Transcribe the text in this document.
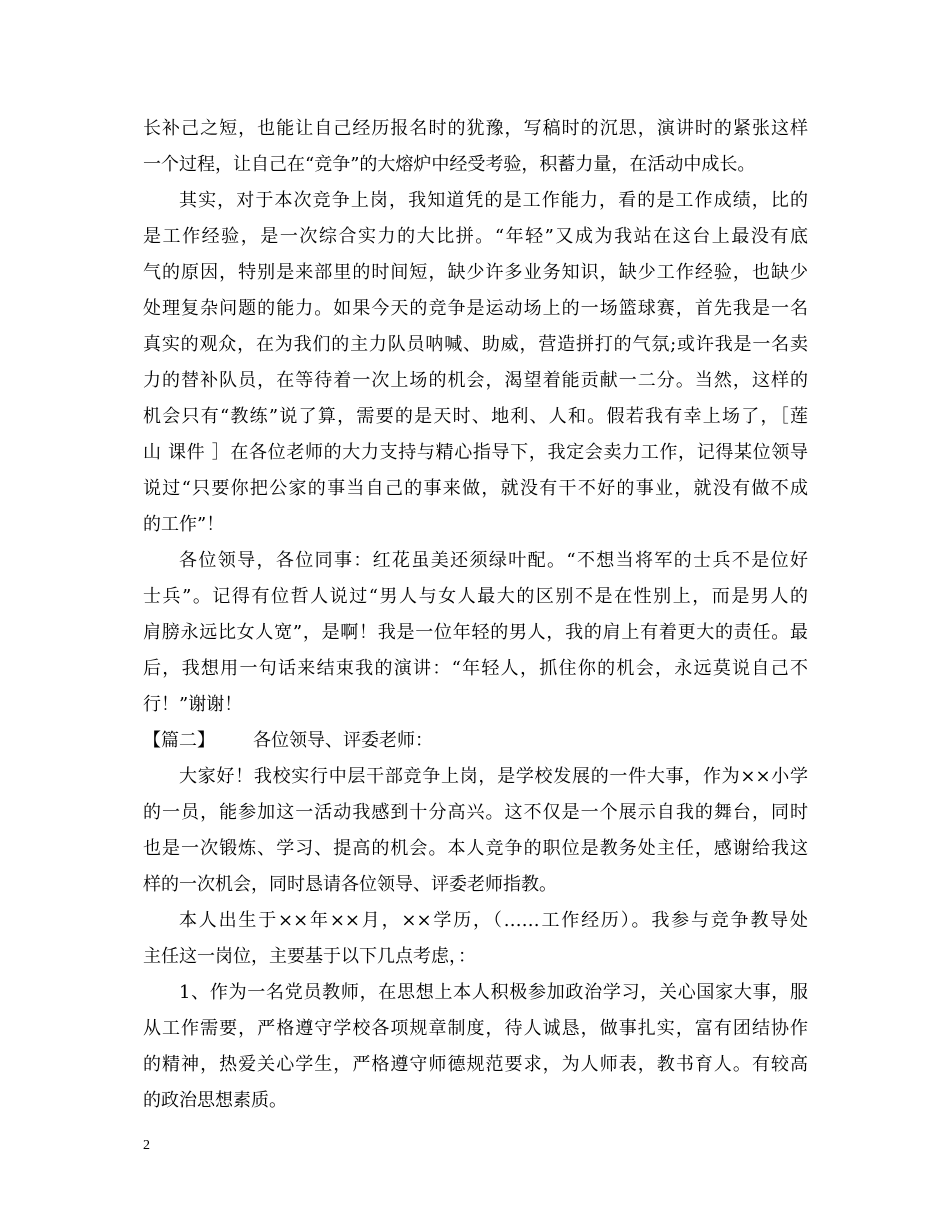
长补己之短，也能让自己经历报名时的犹豫，写稿时的沉思，演讲时的紧张这样
一个过程，让自己在“竞争”的大熔炉中经受考验，积蓄力量，在活动中成长。
其实，对于本次竞争上岗，我知道凭的是工作能力，看的是工作成绩，比的
是工作经验，是一次综合实力的大比拼。“年轻”又成为我站在这台上最没有底
气的原因，特别是来部里的时间短，缺少许多业务知识，缺少工作经验，也缺少
处理复杂问题的能力。如果今天的竞争是运动场上的一场篮球赛，首先我是一名
真实的观众，在为我们的主力队员呐喊、助威，营造拼打的气氛;或许我是一名卖
力的替补队员，在等待着一次上场的机会，渴望着能贡献一二分。当然，这样的
机会只有“教练”说了算，需要的是天时、地利、人和。假若我有幸上场了，［莲
山 课件 ］在各位老师的大力支持与精心指导下，我定会卖力工作，记得某位领导
说过“只要你把公家的事当自己的事来做，就没有干不好的事业，就没有做不成
的工作”！
各位领导，各位同事：红花虽美还须绿叶配。“不想当将军的士兵不是位好
士兵”。记得有位哲人说过“男人与女人最大的区别不是在性别上，而是男人的
肩膀永远比女人宽”，是啊！我是一位年轻的男人，我的肩上有着更大的责任。最
后，我想用一句话来结束我的演讲：“年轻人，抓住你的机会，永远莫说自己不
行！”谢谢！
【篇二】 各位领导、评委老师：
大家好！我校实行中层干部竞争上岗，是学校发展的一件大事，作为××小学
的一员，能参加这一活动我感到十分高兴。这不仅是一个展示自我的舞台，同时
也是一次锻炼、学习、提高的机会。本人竞争的职位是教务处主任，感谢给我这
样的一次机会，同时恳请各位领导、评委老师指教。
本人出生于××年××月，××学历，（……工作经历）。我参与竞争教导处
主任这一岗位，主要基于以下几点考虑，：
1、作为一名党员教师，在思想上本人积极参加政治学习，关心国家大事，服
从工作需要，严格遵守学校各项规章制度，待人诚恳，做事扎实，富有团结协作
的精神，热爱关心学生，严格遵守师德规范要求，为人师表，教书育人。有较高
的政治思想素质。
2
